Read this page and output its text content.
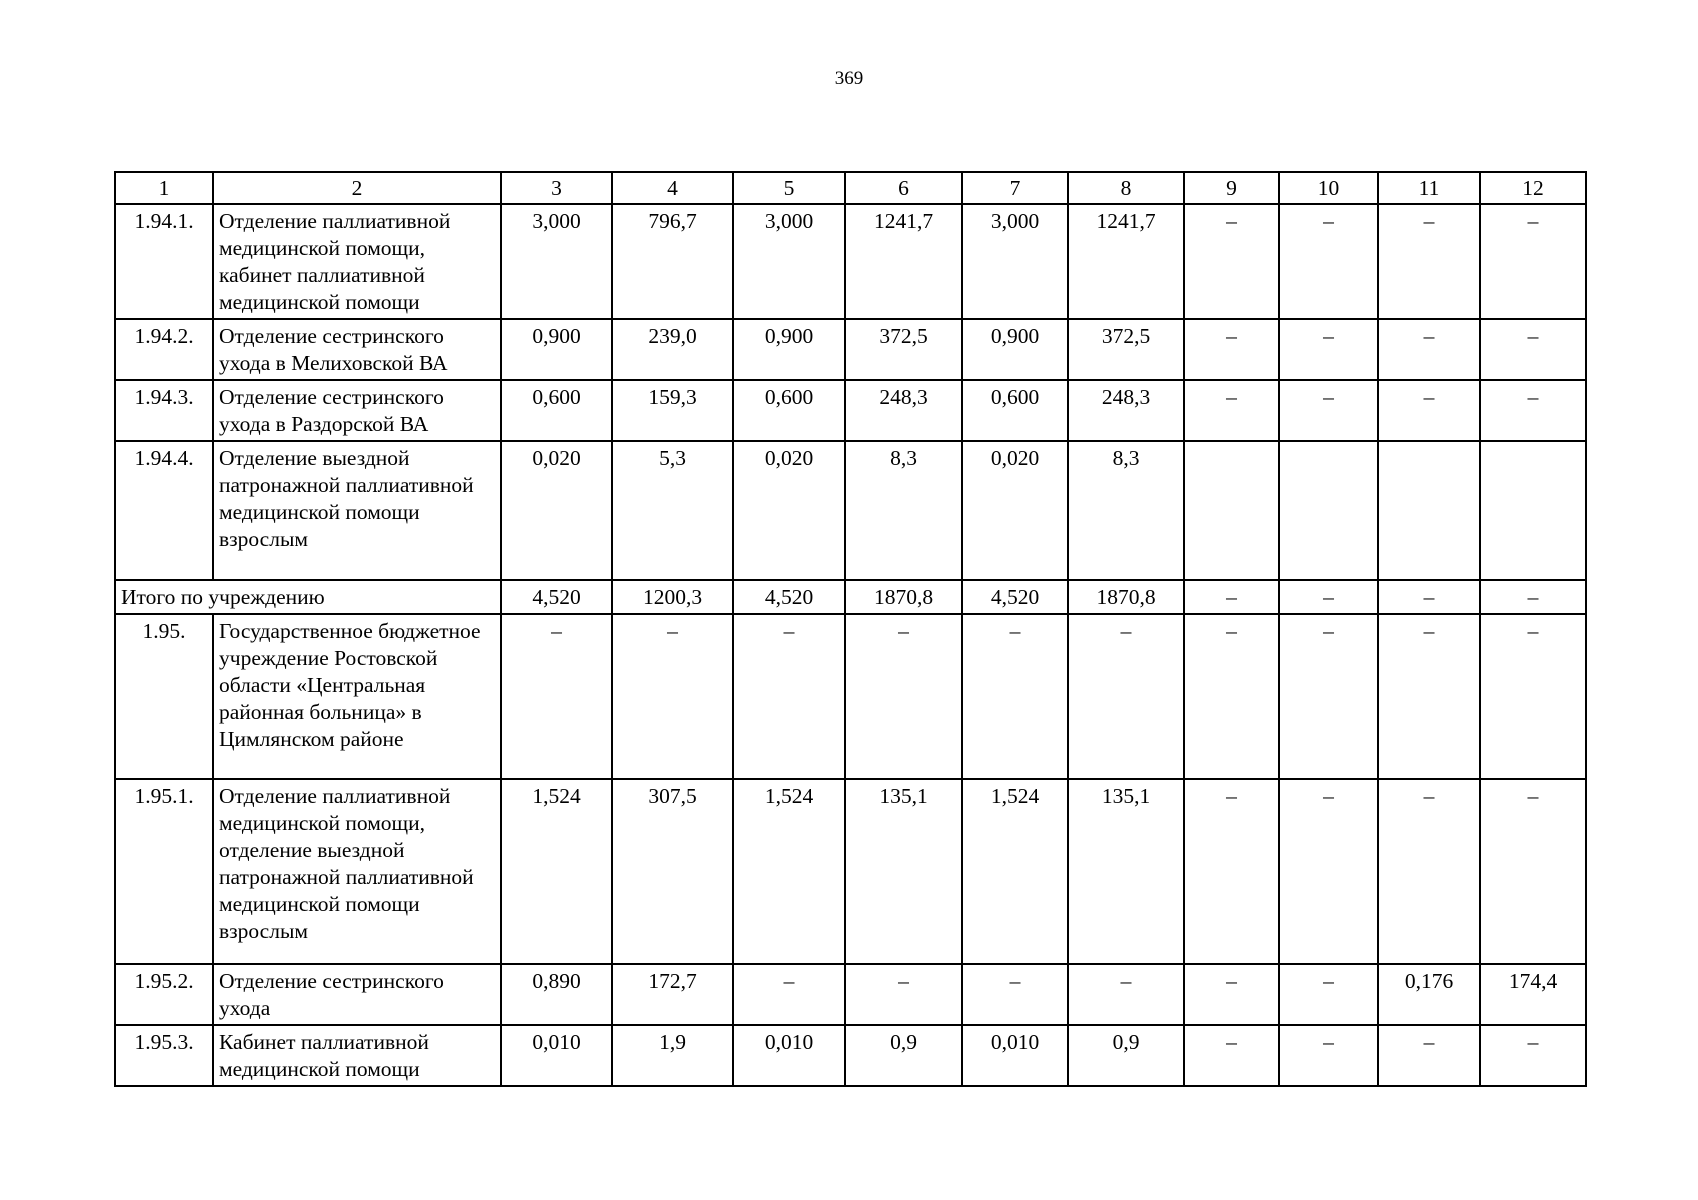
369
1	2	3	4	5	6	7	8	9	10	11	12
1.94.1.	Отделение паллиативной медицинской помощи, кабинет паллиативной медицинской помощи	3,000	796,7	3,000	1241,7	3,000	1241,7	–	–	–	–
1.94.2.	Отделение сестринского ухода в Мелиховской ВА	0,900	239,0	0,900	372,5	0,900	372,5	–	–	–	–
1.94.3.	Отделение сестринского ухода в Раздорской ВА	0,600	159,3	0,600	248,3	0,600	248,3	–	–	–	–
1.94.4.	Отделение выездной патронажной паллиативной медицинской помощи взрослым	0,020	5,3	0,020	8,3	0,020	8,3				
Итого по учреждению		4,520	1200,3	4,520	1870,8	4,520	1870,8	–	–	–	–
1.95.	Государственное бюджетное учреждение Ростовской области «Центральная районная больница» в Цимлянском районе	–	–	–	–	–	–	–	–	–	–
1.95.1.	Отделение паллиативной медицинской помощи, отделение выездной патронажной паллиативной медицинской помощи взрослым	1,524	307,5	1,524	135,1	1,524	135,1	–	–	–	–
1.95.2.	Отделение сестринского ухода	0,890	172,7	–	–	–	–	–	–	0,176	174,4
1.95.3.	Кабинет паллиативной медицинской помощи	0,010	1,9	0,010	0,9	0,010	0,9	–	–	–	–
